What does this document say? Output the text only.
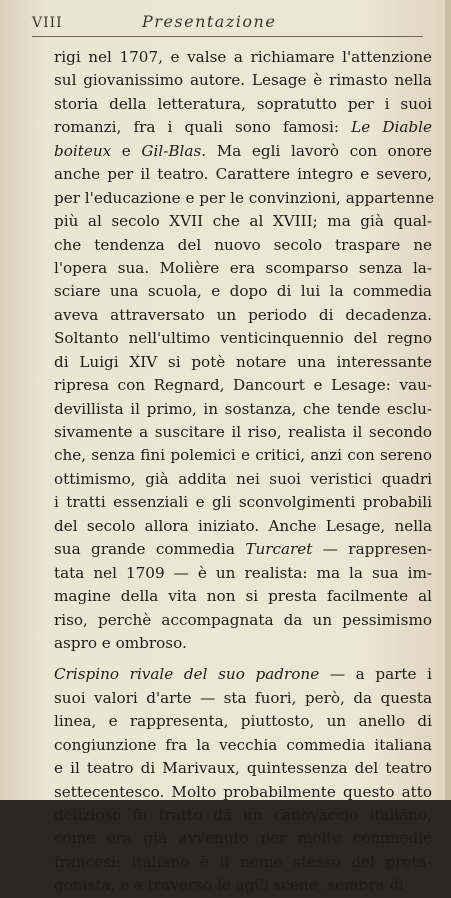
VIII	Presentazione
rigi nel 1707, e valse a richiamare l'attenzione
sul giovanissimo autore. Lesage è rimasto nella
storia della letteratura, sopratutto per i suoi
romanzi, fra i quali sono famosi: Le Diable
boiteux e Gil-Blas. Ma egli lavorò con onore
anche per il teatro. Carattere integro e severo,
per l'educazione e per le convinzioni, appartenne
più al secolo XVII che al XVIII; ma già qual-
che tendenza del nuovo secolo traspare ne
l'opera sua. Molière era scomparso senza la-
sciare una scuola, e dopo di lui la commedia
aveva attraversato un periodo di decadenza.
Soltanto nell'ultimo venticinquennio del regno
di Luigi XIV si potè notare una interessante
ripresa con Regnard, Dancourt e Lesage: vau-
devillista il primo, in sostanza, che tende esclu-
sivamente a suscitare il riso, realista il secondo
che, senza fini polemici e critici, anzi con sereno
ottimismo, già addita nei suoi veristici quadri
i tratti essenziali e gli sconvolgimenti probabili
del secolo allora iniziato. Anche Lesage, nella
sua grande commedia Turcaret — rappresen-
tata nel 1709 — è un realista: ma la sua im-
magine della vita non si presta facilmente al
riso, perchè accompagnata da un pessimismo
aspro e ombroso.
Crispino rivale del suo padrone — a parte i
suoi valori d'arte — sta fuori, però, da questa
linea, e rappresenta, piuttosto, un anello di
congiunzione fra la vecchia commedia italiana
e il teatro di Marivaux, quintessenza del teatro
settecentesco. Molto probabilmente questo atto
delizioso fu tratto da un canovaccio italiano,
come era già avvenuto per molte commedie
francesi: italiano è il nome stesso del prota-
gonista, e a traverso le agili scene, sembra di
